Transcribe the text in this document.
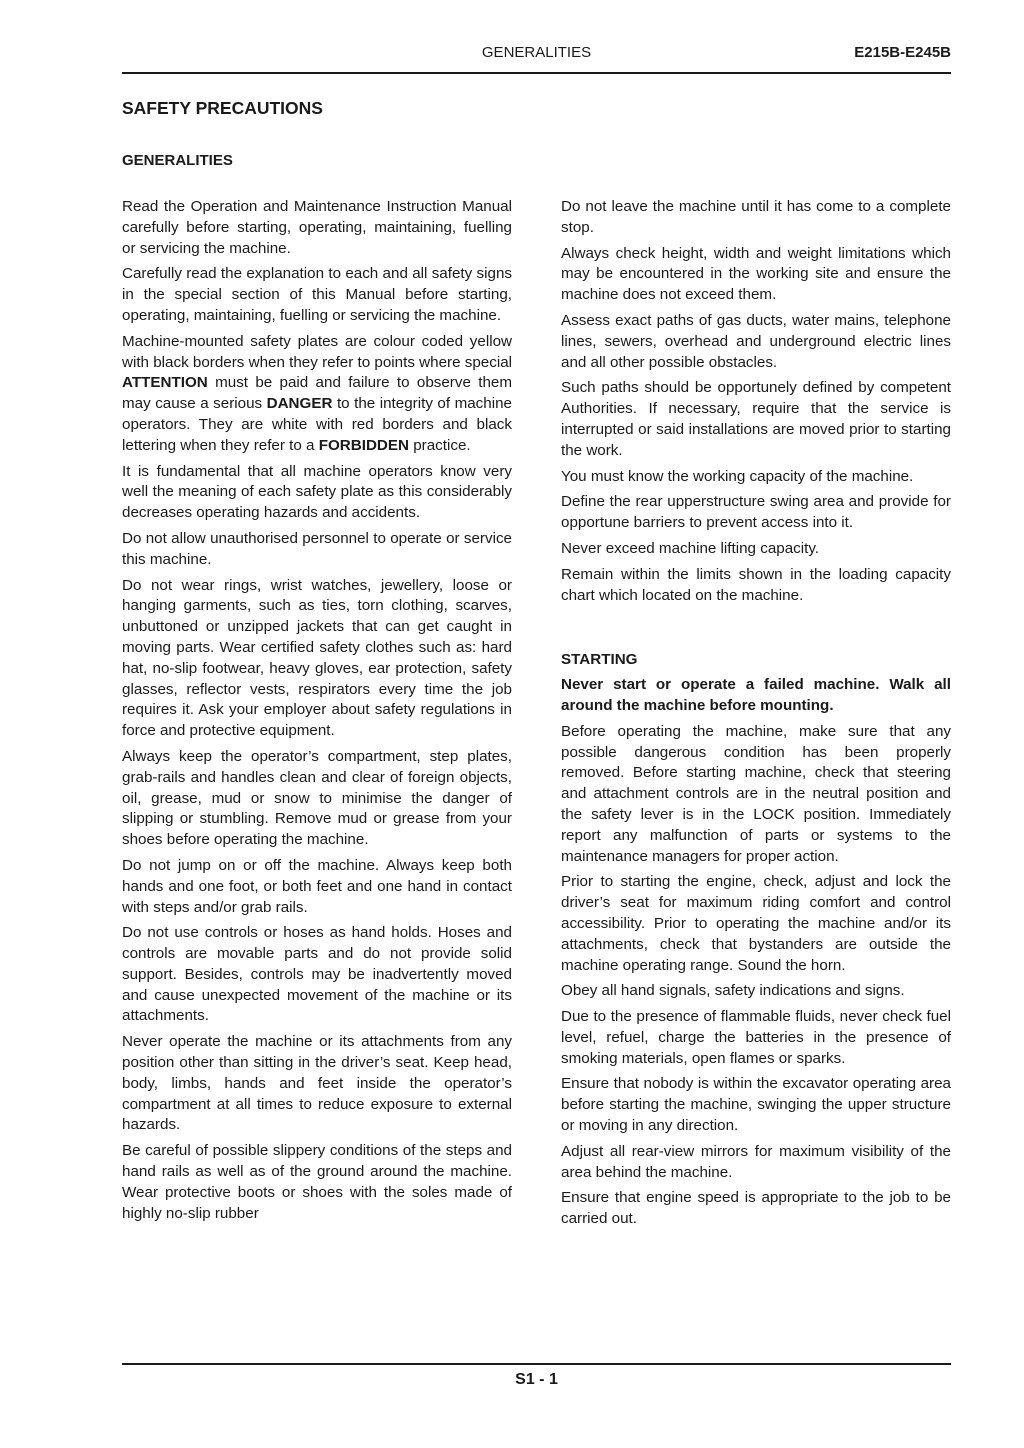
GENERALITIES	E215B-E245B
SAFETY PRECAUTIONS
GENERALITIES

Read the Operation and Maintenance Instruction Manual carefully before starting, operating, maintaining, fuelling or servicing the machine.

Carefully read the explanation to each and all safety signs in the special section of this Manual before starting, operating, maintaining, fuelling or servicing the machine.

Machine-mounted safety plates are colour coded yellow with black borders when they refer to points where special ATTENTION must be paid and failure to observe them may cause a serious DANGER to the integrity of machine operators. They are white with red borders and black lettering when they refer to a FORBIDDEN practice.

It is fundamental that all machine operators know very well the meaning of each safety plate as this considerably decreases operating hazards and accidents.

Do not allow unauthorised personnel to operate or service this machine.

Do not wear rings, wrist watches, jewellery, loose or hanging garments, such as ties, torn clothing, scarves, unbuttoned or unzipped jackets that can get caught in moving parts. Wear certified safety clothes such as: hard hat, no-slip footwear, heavy gloves, ear protection, safety glasses, reflector vests, respirators every time the job requires it. Ask your employer about safety regulations in force and protective equipment.

Always keep the operator’s compartment, step plates, grab-rails and handles clean and clear of foreign objects, oil, grease, mud or snow to minimise the danger of slipping or stumbling. Remove mud or grease from your shoes before operating the machine.

Do not jump on or off the machine. Always keep both hands and one foot, or both feet and one hand in contact with steps and/or grab rails.

Do not use controls or hoses as hand holds. Hoses and controls are movable parts and do not provide solid support. Besides, controls may be inadvertently moved and cause unexpected movement of the machine or its attachments.

Never operate the machine or its attachments from any position other than sitting in the driver’s seat. Keep head, body, limbs, hands and feet inside the operator’s compartment at all times to reduce exposure to external hazards.

Be careful of possible slippery conditions of the steps and hand rails as well as of the ground around the machine. Wear protective boots or shoes with the soles made of highly no-slip rubber

Do not leave the machine until it has come to a complete stop.

Always check height, width and weight limitations which may be encountered in the working site and ensure the machine does not exceed them.

Assess exact paths of gas ducts, water mains, telephone lines, sewers, overhead and underground electric lines and all other possible obstacles.

Such paths should be opportunely defined by competent Authorities. If necessary, require that the service is interrupted or said installations are moved prior to starting the work.

You must know the working capacity of the machine.

Define the rear upperstructure swing area and provide for opportune barriers to prevent access into it.

Never exceed machine lifting capacity.

Remain within the limits shown in the loading capacity chart which located on the machine.

STARTING

Never start or operate a failed machine. Walk all around the machine before mounting.

Before operating the machine, make sure that any possible dangerous condition has been properly removed. Before starting machine, check that steering and attachment controls are in the neutral position and the safety lever is in the LOCK position. Immediately report any malfunction of parts or systems to the maintenance managers for proper action.

Prior to starting the engine, check, adjust and lock the driver’s seat for maximum riding comfort and control accessibility. Prior to operating the machine and/or its attachments, check that bystanders are outside the machine operating range. Sound the horn.

Obey all hand signals, safety indications and signs.

Due to the presence of flammable fluids, never check fuel level, refuel, charge the batteries in the presence of smoking materials, open flames or sparks.

Ensure that nobody is within the excavator operating area before starting the machine, swinging the upper structure or moving in any direction.

Adjust all rear-view mirrors for maximum visibility of the area behind the machine.

Ensure that engine speed is appropriate to the job to be carried out.

S1 - 1
